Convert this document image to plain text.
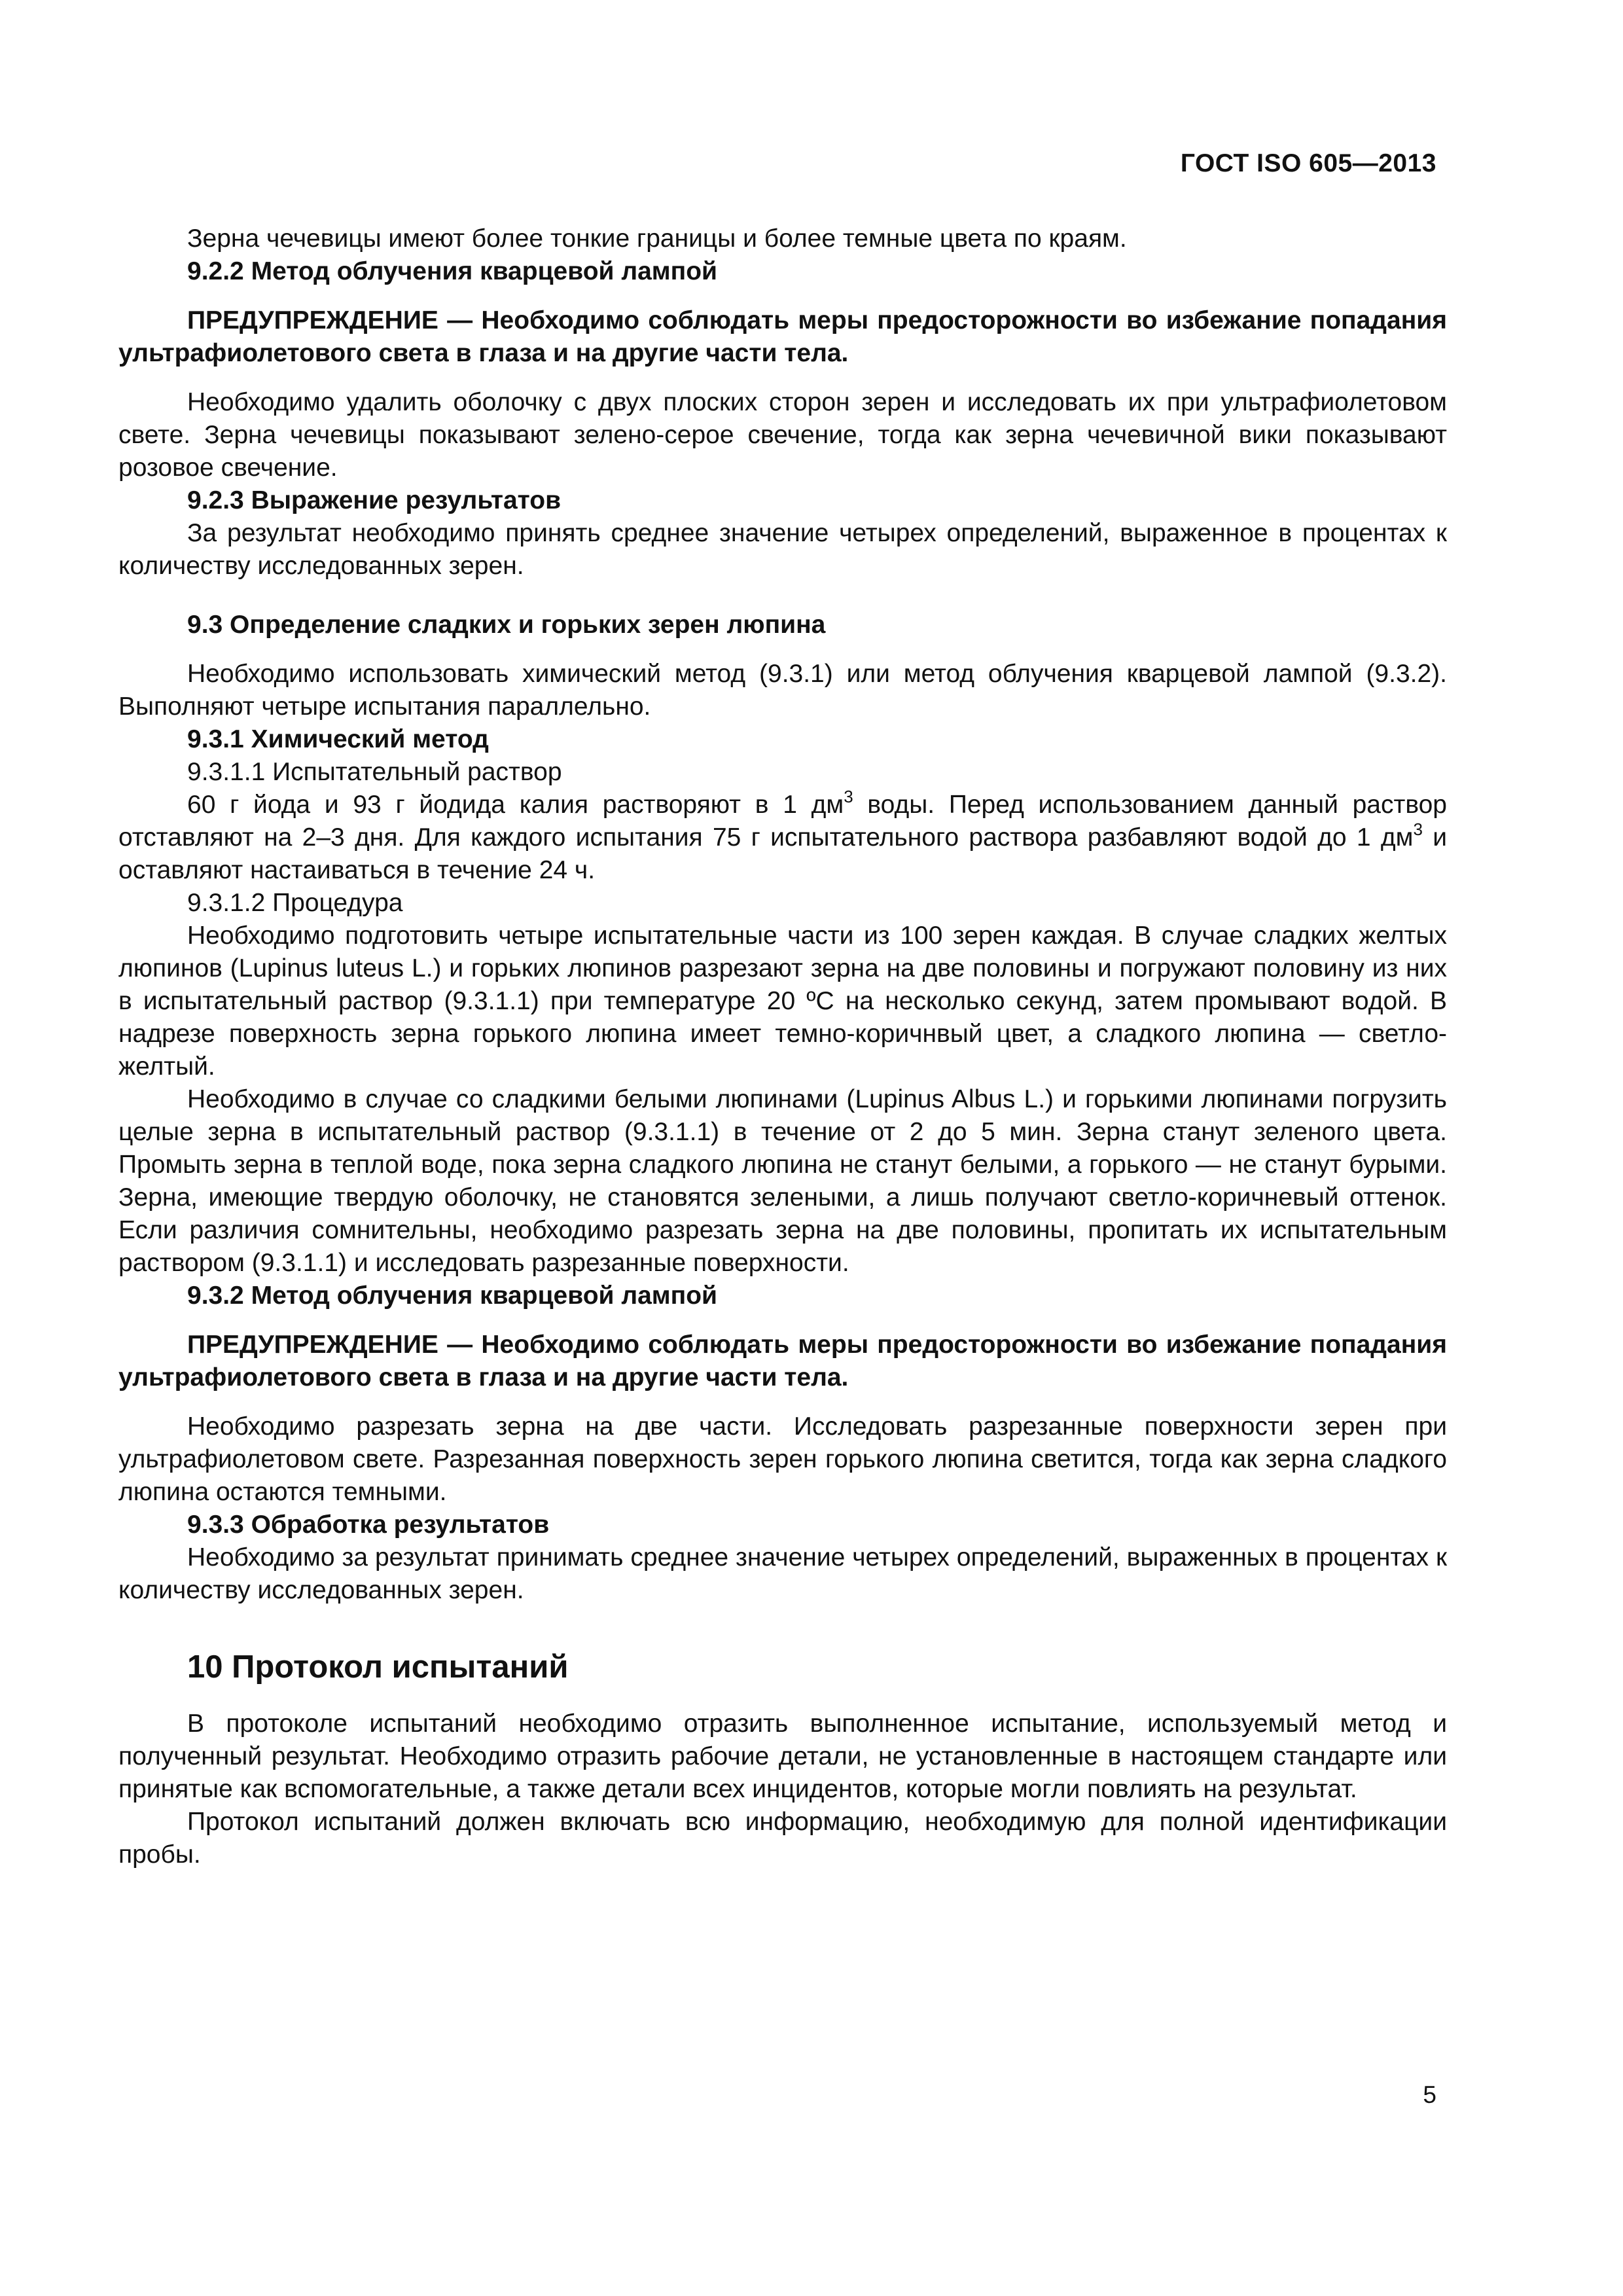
ГОСТ ISO 605—2013

Зерна чечевицы имеют более тонкие границы и более темные цвета по краям.

9.2.2 Метод облучения кварцевой лампой

ПРЕДУПРЕЖДЕНИЕ — Необходимо соблюдать меры предосторожности во избежание попадания ультрафиолетового света в глаза и на другие части тела.

Необходимо удалить оболочку с двух плоских сторон зерен и исследовать их при ультрафиолетовом свете. Зерна чечевицы показывают зелено-серое свечение, тогда как зерна чечевичной вики показывают розовое свечение.

9.2.3 Выражение результатов

За результат необходимо принять среднее значение четырех определений, выраженное в процентах к количеству исследованных зерен.

9.3 Определение сладких и горьких зерен люпина

Необходимо использовать химический метод (9.3.1) или метод облучения кварцевой лампой (9.3.2). Выполняют четыре испытания параллельно.

9.3.1 Химический метод

9.3.1.1 Испытательный раствор

60 г йода и 93 г йодида калия растворяют в 1 $дм^3$ воды. Перед использованием данный раствор отставляют на 2–3 дня. Для каждого испытания 75 г испытательного раствора разбавляют водой до 1 $дм^3$ и оставляют настаиваться в течение 24 ч.

9.3.1.2 Процедура

Необходимо подготовить четыре испытательные части из 100 зерен каждая. В случае сладких желтых люпинов (Lupinus luteus L.) и горьких люпинов разрезают зерна на две половины и погружают половину из них в испытательный раствор (9.3.1.1) при температуре 20 ºС на несколько секунд, затем промывают водой. В надрезе поверхность зерна горького люпина имеет темно-коричнвый цвет, а сладкого люпина — светло-желтый.

Необходимо в случае со сладкими белыми люпинами (Lupinus Albus L.) и горькими люпинами погрузить целые зерна в испытательный раствор (9.3.1.1) в течение от 2 до 5 мин. Зерна станут зеленого цвета. Промыть зерна в теплой воде, пока зерна сладкого люпина не станут белыми, а горького — не станут бурыми. Зерна, имеющие твердую оболочку, не становятся зелеными, а лишь получают светло-коричневый оттенок. Если различия сомнительны, необходимо разрезать зерна на две половины, пропитать их испытательным раствором (9.3.1.1) и исследовать разрезанные поверхности.

9.3.2 Метод облучения кварцевой лампой

ПРЕДУПРЕЖДЕНИЕ — Необходимо соблюдать меры предосторожности во избежание попадания ультрафиолетового света в глаза и на другие части тела.

Необходимо разрезать зерна на две части. Исследовать разрезанные поверхности зерен при ультрафиолетовом свете. Разрезанная поверхность зерен горького люпина светится, тогда как зерна сладкого люпина остаются темными.

9.3.3 Обработка результатов

Необходимо за результат принимать среднее значение четырех определений, выраженных в процентах к количеству исследованных зерен.

10 Протокол испытаний

В протоколе испытаний необходимо отразить выполненное испытание, используемый метод и полученный результат. Необходимо отразить рабочие детали, не установленные в настоящем стандарте или принятые как вспомогательные, а также детали всех инцидентов, которые могли повлиять на результат.

Протокол испытаний должен включать всю информацию, необходимую для полной идентификации пробы.

5
